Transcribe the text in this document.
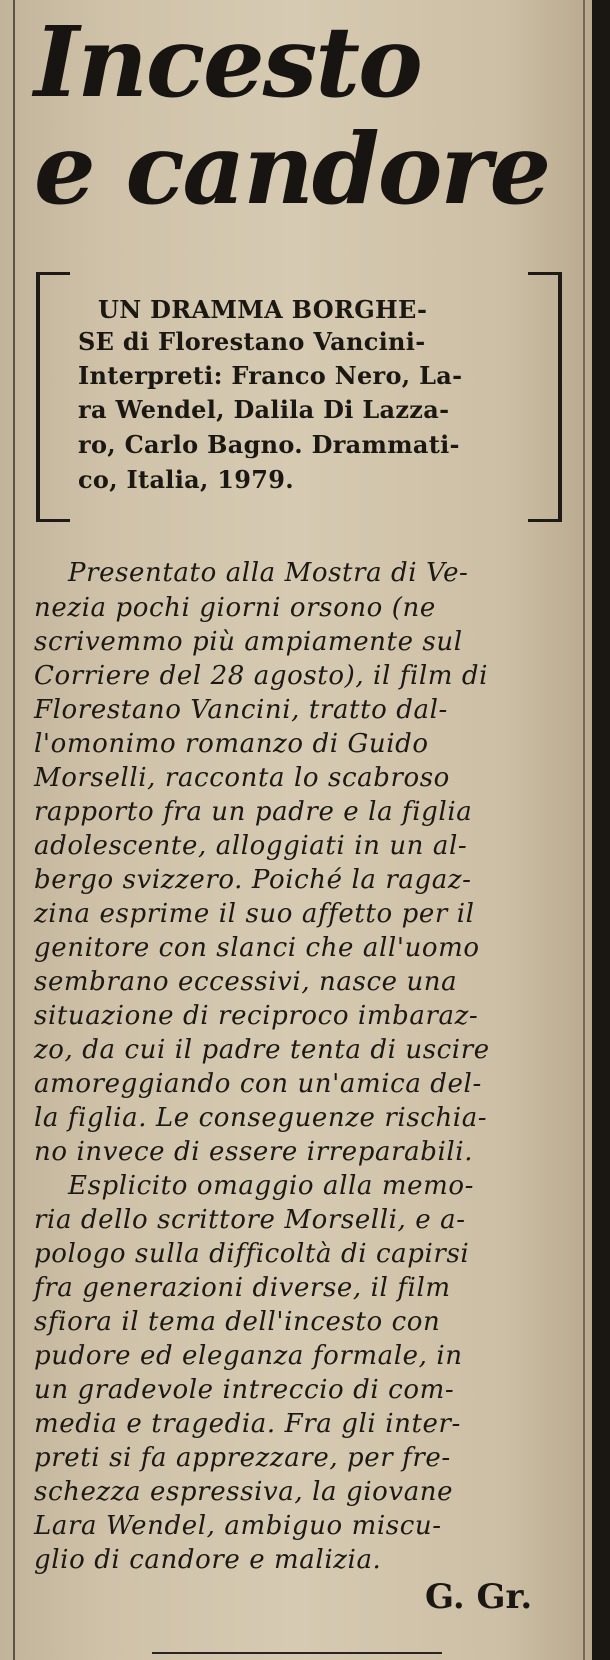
Incesto
e candore

UN DRAMMA BORGHE-

SE di Florestano Vancini-

Interpreti: Franco Nero, La-

ra Wendel, Dalila Di Lazza-

ro, Carlo Bagno. Drammati-

co, Italia, 1979.

Presentato alla Mostra di Ve-

nezia pochi giorni orsono (ne

scrivemmo più ampiamente sul

Corriere del 28 agosto), il film di

Florestano Vancini, tratto dal-

l'omonimo romanzo di Guido

Morselli, racconta lo scabroso

rapporto fra un padre e la figlia

adolescente, alloggiati in un al-

bergo svizzero. Poiché la ragaz-

zina esprime il suo affetto per il

genitore con slanci che all'uomo

sembrano eccessivi, nasce una

situazione di reciproco imbaraz-

zo, da cui il padre tenta di uscire

amoreggiando con un'amica del-

la figlia. Le conseguenze rischia-

no invece di essere irreparabili.

Esplicito omaggio alla memo-

ria dello scrittore Morselli, e a-

pologo sulla difficoltà di capirsi

fra generazioni diverse, il film

sfiora il tema dell'incesto con

pudore ed eleganza formale, in

un gradevole intreccio di com-

media e tragedia. Fra gli inter-

preti si fa apprezzare, per fre-

schezza espressiva, la giovane

Lara Wendel, ambiguo miscu-

glio di candore e malizia.

G. Gr.
